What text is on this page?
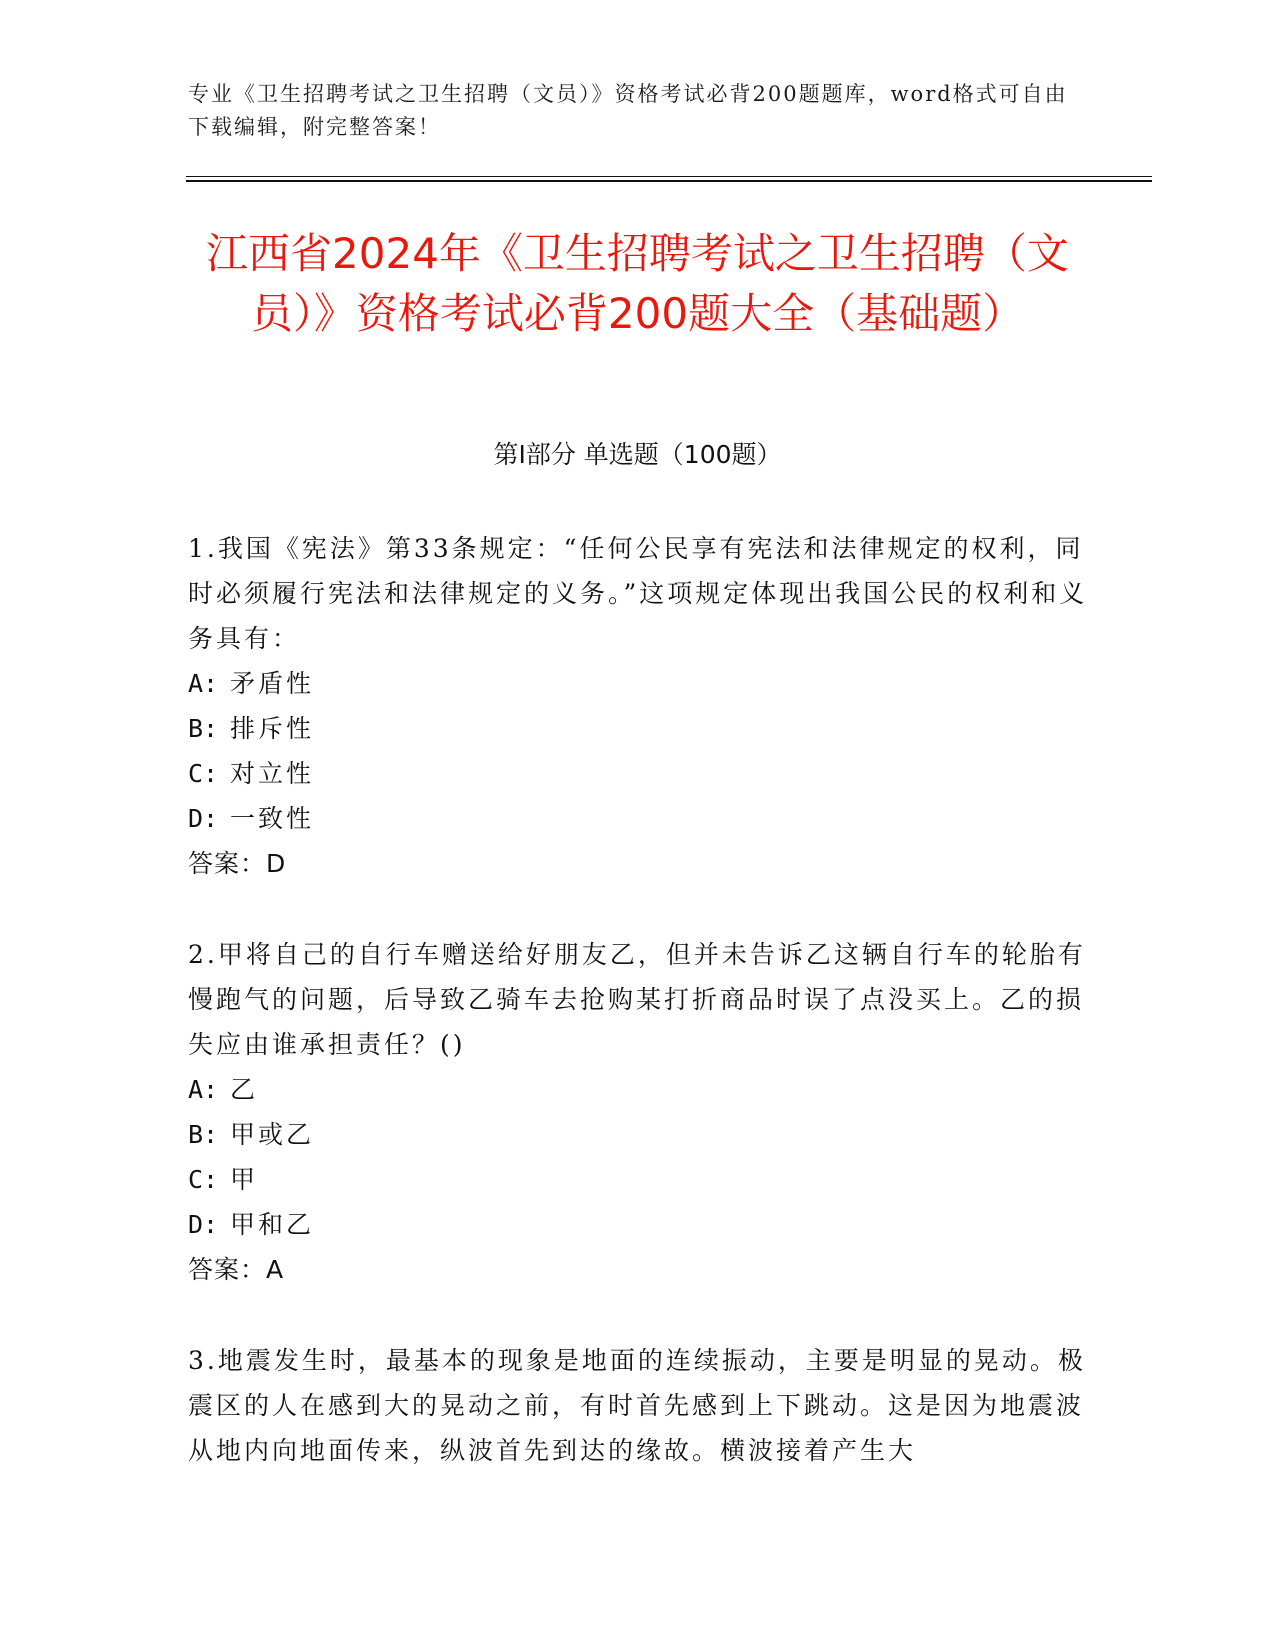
专业《卫生招聘考试之卫生招聘（文员）》资格考试必背200题题库，word格式可自由下载编辑，附完整答案！
江西省2024年《卫生招聘考试之卫生招聘（文员）》资格考试必背200题大全（基础题）
第Ⅰ部分 单选题（100题）
1.我国《宪法》第33条规定：“任何公民享有宪法和法律规定的权利，同时必须履行宪法和法律规定的义务。”这项规定体现出我国公民的权利和义务具有：
A: 矛盾性
B: 排斥性
C: 对立性
D: 一致性
答案：D
2.甲将自己的自行车赠送给好朋友乙，但并未告诉乙这辆自行车的轮胎有慢跑气的问题，后导致乙骑车去抢购某打折商品时误了点没买上。乙的损失应由谁承担责任？()
A: 乙
B: 甲或乙
C: 甲
D: 甲和乙
答案：A
3.地震发生时，最基本的现象是地面的连续振动，主要是明显的晃动。极震区的人在感到大的晃动之前，有时首先感到上下跳动。这是因为地震波从地内向地面传来，纵波首先到达的缘故。横波接着产生大
